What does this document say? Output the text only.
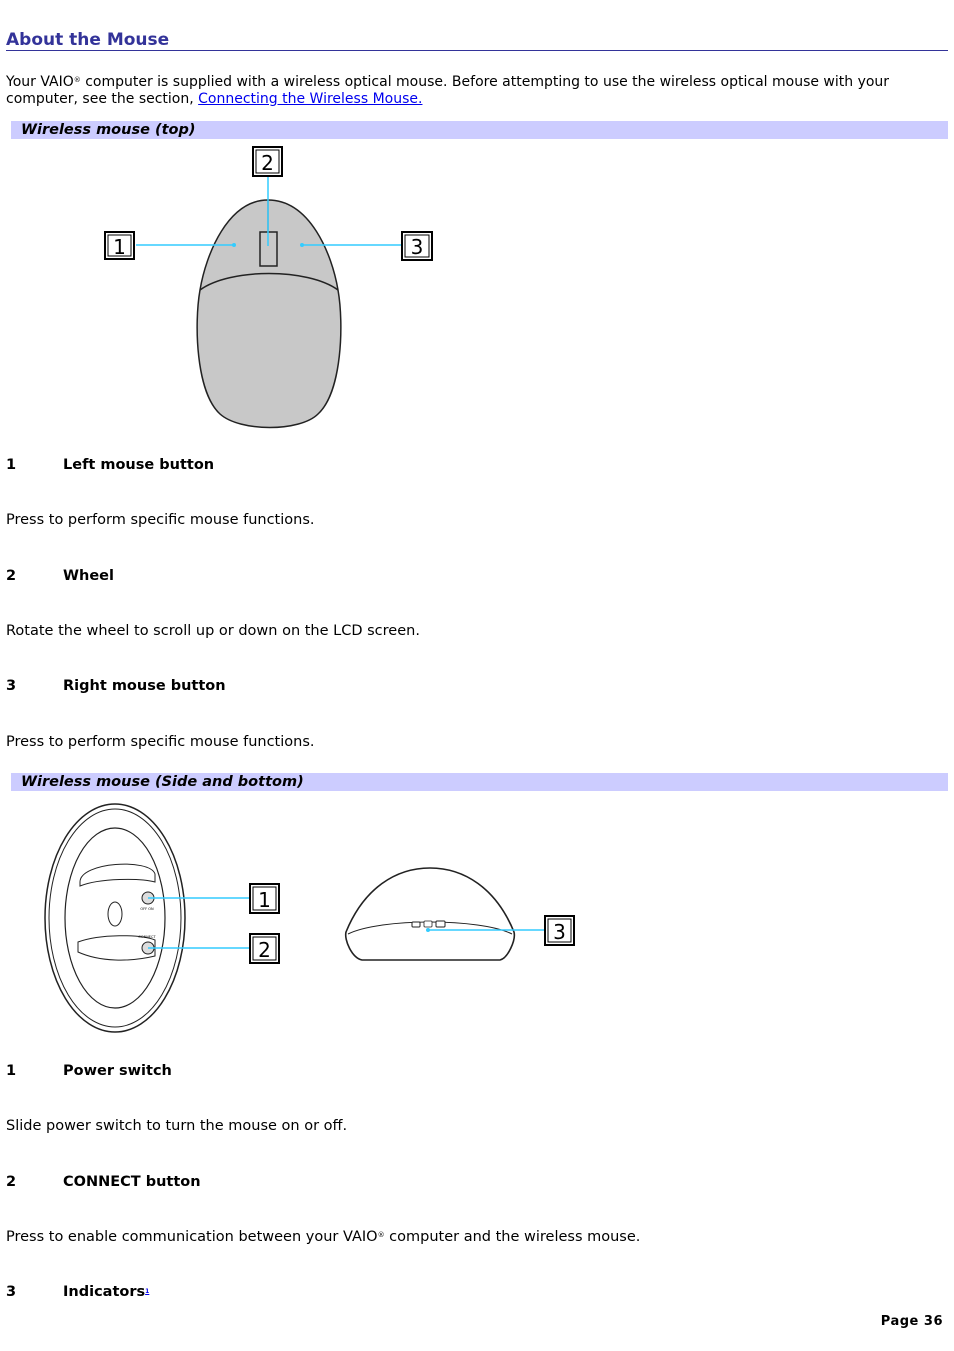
About the Mouse
Your VAIO® computer is supplied with a wireless optical mouse. Before attempting to use the wireless optical mouse with your computer, see the section, Connecting the Wireless Mouse.
Wireless mouse (top)
1
2
3
1	Left mouse button
Press to perform specific mouse functions.
2	Wheel
Rotate the wheel to scroll up or down on the LCD screen.
3	Right mouse button
Press to perform specific mouse functions.
Wireless mouse (Side and bottom)
OFF ON
CONNECT
1
2
3
1	Power switch
Slide power switch to turn the mouse on or off.
2	CONNECT button
Press to enable communication between your VAIO® computer and the wireless mouse.
3	Indicators$^1$
Page 36
